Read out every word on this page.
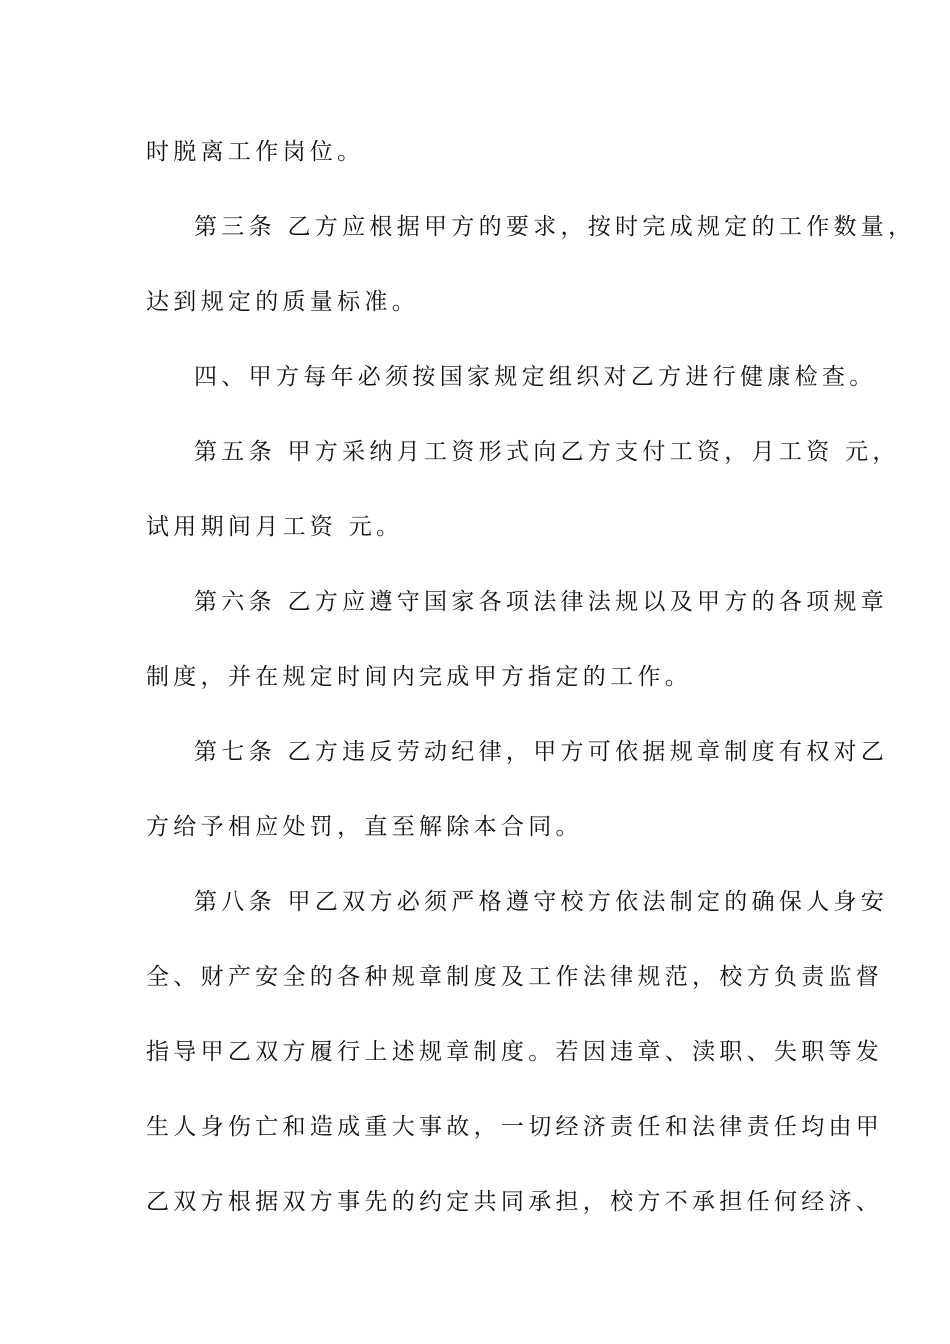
时脱离工作岗位。
第三条 乙方应根据甲方的要求，按时完成规定的工作数量，
达到规定的质量标准。
四、甲方每年必须按国家规定组织对乙方进行健康检查。
第五条 甲方采纳月工资形式向乙方支付工资，月工资 元，
试用期间月工资 元。
第六条 乙方应遵守国家各项法律法规以及甲方的各项规章
制度，并在规定时间内完成甲方指定的工作。
第七条 乙方违反劳动纪律，甲方可依据规章制度有权对乙
方给予相应处罚，直至解除本合同。
第八条 甲乙双方必须严格遵守校方依法制定的确保人身安
全、财产安全的各种规章制度及工作法律规范，校方负责监督
指导甲乙双方履行上述规章制度。若因违章、渎职、失职等发
生人身伤亡和造成重大事故，一切经济责任和法律责任均由甲
乙双方根据双方事先的约定共同承担，校方不承担任何经济、
